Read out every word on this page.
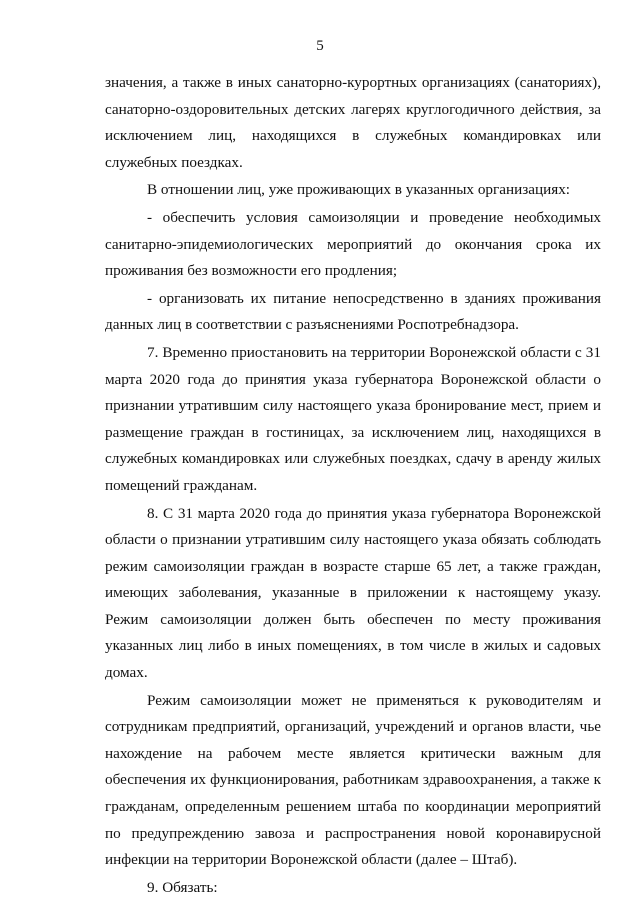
5

значения, а также в иных санаторно-курортных организациях (санаториях), санаторно-оздоровительных детских лагерях круглогодичного действия, за исключением лиц, находящихся в служебных командировках или служебных поездках.

В отношении лиц, уже проживающих в указанных организациях:

- обеспечить условия самоизоляции и проведение необходимых санитарно-эпидемиологических мероприятий до окончания срока их проживания без возможности его продления;

- организовать их питание непосредственно в зданиях проживания данных лиц в соответствии с разъяснениями Роспотребнадзора.

7. Временно приостановить на территории Воронежской области с 31 марта 2020 года до принятия указа губернатора Воронежской области о признании утратившим силу настоящего указа бронирование мест, прием и размещение граждан в гостиницах, за исключением лиц, находящихся в служебных командировках или служебных поездках, сдачу в аренду жилых помещений гражданам.

8. С 31 марта 2020 года до принятия указа губернатора Воронежской области о признании утратившим силу настоящего указа обязать соблюдать режим самоизоляции граждан в возрасте старше 65 лет, а также граждан, имеющих заболевания, указанные в приложении к настоящему указу. Режим самоизоляции должен быть обеспечен по месту проживания указанных лиц либо в иных помещениях, в том числе в жилых и садовых домах.

Режим самоизоляции может не применяться к руководителям и сотрудникам предприятий, организаций, учреждений и органов власти, чье нахождение на рабочем месте является критически важным для обеспечения их функционирования, работникам здравоохранения, а также к гражданам, определенным решением штаба по координации мероприятий по предупреждению завоза и распространения новой коронавирусной инфекции на территории Воронежской области (далее – Штаб).

9. Обязать:
